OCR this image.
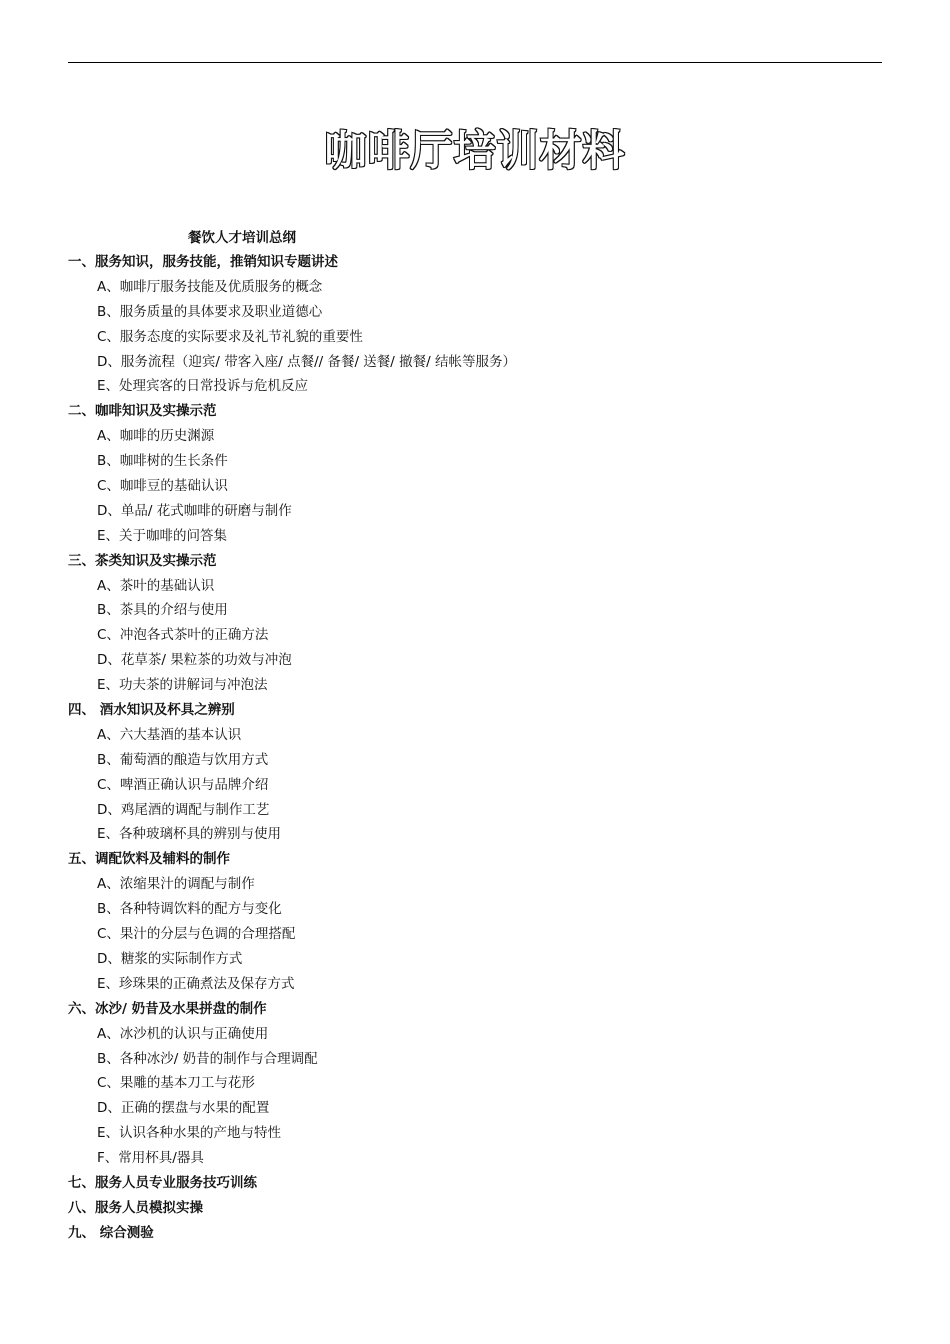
咖啡厅培训材料
餐饮人才培训总纲
一、服务知识，服务技能，推销知识专题讲述
A、咖啡厅服务技能及优质服务的概念
B、服务质量的具体要求及职业道德心
C、服务态度的实际要求及礼节礼貌的重要性
D、服务流程（迎宾/ 带客入座/ 点餐// 备餐/ 送餐/ 撤餐/ 结帐等服务）
E、处理宾客的日常投诉与危机反应
二、咖啡知识及实操示范
A、咖啡的历史渊源
B、咖啡树的生长条件
C、咖啡豆的基础认识
D、单品/ 花式咖啡的研磨与制作
E、关于咖啡的问答集
三、茶类知识及实操示范
A、茶叶的基础认识
B、茶具的介绍与使用
C、冲泡各式茶叶的正确方法
D、花草茶/ 果粒茶的功效与冲泡
E、功夫茶的讲解词与冲泡法
四、 酒水知识及杯具之辨别
A、六大基酒的基本认识
B、葡萄酒的酿造与饮用方式
C、啤酒正确认识与品牌介绍
D、鸡尾酒的调配与制作工艺
E、各种玻璃杯具的辨别与使用
五、调配饮料及辅料的制作
A、浓缩果汁的调配与制作
B、各种特调饮料的配方与变化
C、果汁的分层与色调的合理搭配
D、糖浆的实际制作方式
E、珍珠果的正确煮法及保存方式
六、冰沙/ 奶昔及水果拼盘的制作
A、冰沙机的认识与正确使用
B、各种冰沙/ 奶昔的制作与合理调配
C、果雕的基本刀工与花形
D、正确的摆盘与水果的配置
E、认识各种水果的产地与特性
F、常用杯具/器具
七、服务人员专业服务技巧训练
八、服务人员模拟实操
九、 综合测验
